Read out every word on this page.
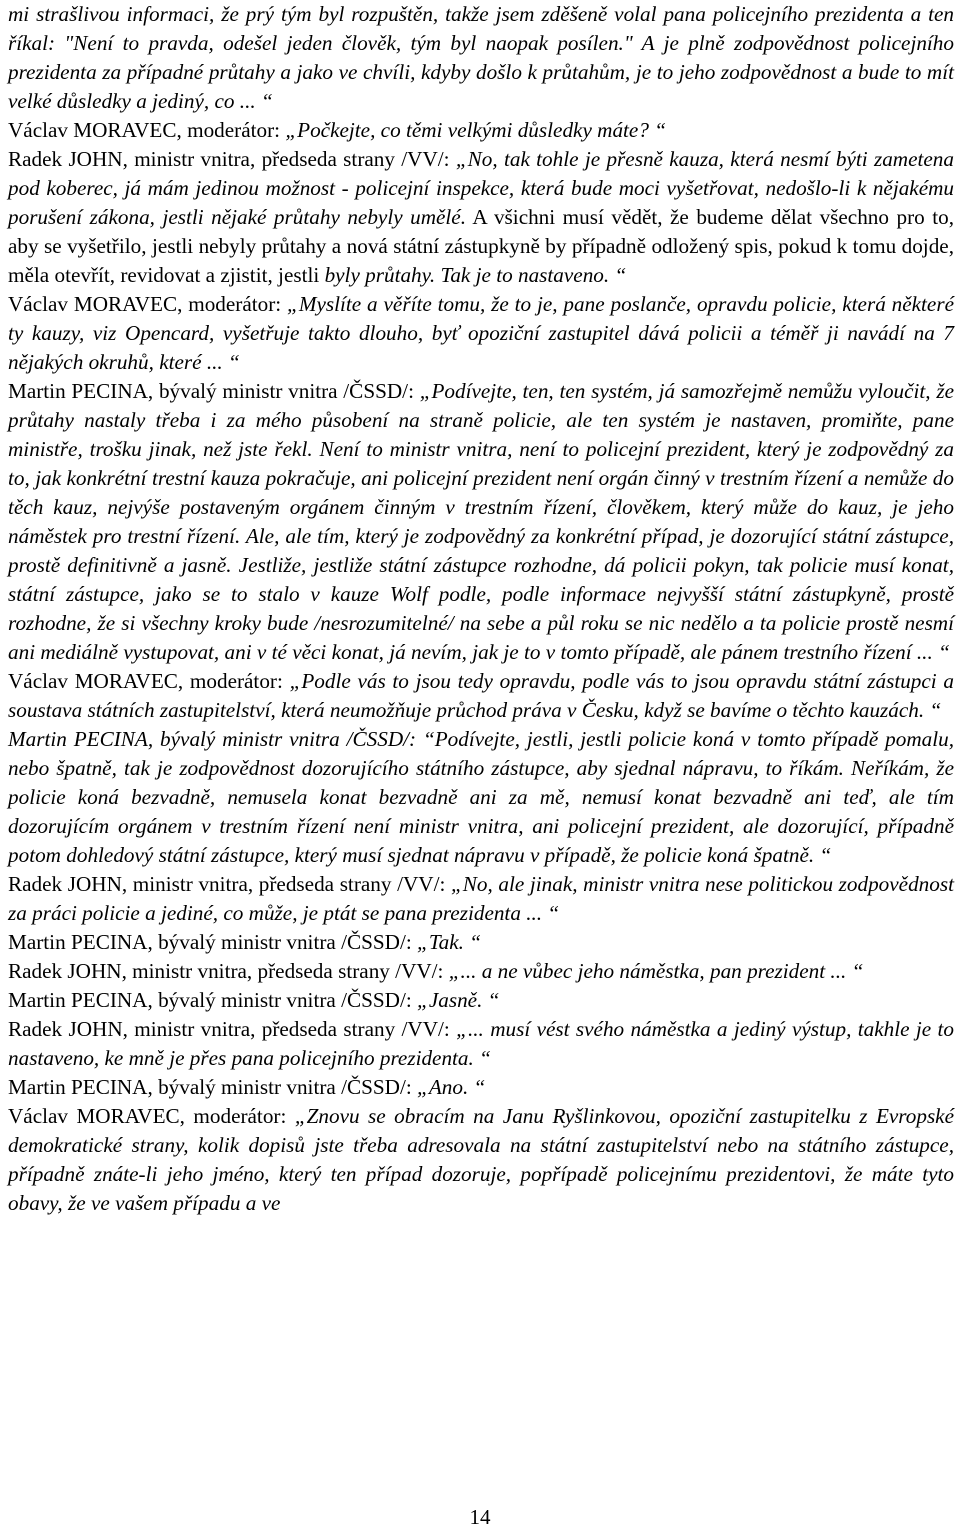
mi strašlivou informaci, že prý tým byl rozpuštěn, takže jsem zděšeně volal pana policejního prezidenta a ten říkal: "Není to pravda, odešel jeden člověk, tým byl naopak posílen." A je plně zodpovědnost policejního prezidenta za případné průtahy a jako ve chvíli, kdyby došlo k průtahům, je to jeho zodpovědnost a bude to mít velké důsledky a jediný, co ... “

Václav MORAVEC, moderátor: „Počkejte, co těmi velkými důsledky máte? “

Radek JOHN, ministr vnitra, předseda strany /VV/: „No, tak tohle je přesně kauza, která nesmí býti zametena pod koberec, já mám jedinou možnost - policejní inspekce, která bude moci vyšetřovat, nedošlo-li k nějakému porušení zákona, jestli nějaké průtahy nebyly umělé. A všichni musí vědět, že budeme dělat všechno pro to, aby se vyšetřilo, jestli nebyly průtahy a nová státní zástupkyně by případně odložený spis, pokud k tomu dojde, měla otevřít, revidovat a zjistit, jestli byly průtahy. Tak je to nastaveno. “

Václav MORAVEC, moderátor: „Myslíte a věříte tomu, že to je, pane poslanče, opravdu policie, která některé ty kauzy, viz Opencard, vyšetřuje takto dlouho, byť opoziční zastupitel dává policii a téměř ji navádí na 7 nějakých okruhů, které ... “

Martin PECINA, bývalý ministr vnitra /ČSSD/: „Podívejte, ten, ten systém, já samozřejmě nemůžu vyloučit, že průtahy nastaly třeba i za mého působení na straně policie, ale ten systém je nastaven, promiňte, pane ministře, trošku jinak, než jste řekl. Není to ministr vnitra, není to policejní prezident, který je zodpovědný za to, jak konkrétní trestní kauza pokračuje, ani policejní prezident není orgán činný v trestním řízení a nemůže do těch kauz, nejvýše postaveným orgánem činným v trestním řízení, člověkem, který může do kauz, je jeho náměstek pro trestní řízení. Ale, ale tím, který je zodpovědný za konkrétní případ, je dozorující státní zástupce, prostě definitivně a jasně. Jestliže, jestliže státní zástupce rozhodne, dá policii pokyn, tak policie musí konat, státní zástupce, jako se to stalo v kauze Wolf podle, podle informace nejvyšší státní zástupkyně, prostě rozhodne, že si všechny kroky bude /nesrozumitelné/ na sebe a půl roku se nic nedělo a ta policie prostě nesmí ani mediálně vystupovat, ani v té věci konat, já nevím, jak je to v tomto případě, ale pánem trestního řízení ... “

Václav MORAVEC, moderátor: „Podle vás to jsou tedy opravdu, podle vás to jsou opravdu státní zástupci a soustava státních zastupitelství, která neumožňuje průchod práva v Česku, když se bavíme o těchto kauzách. “

Martin PECINA, bývalý ministr vnitra /ČSSD/: “Podívejte, jestli, jestli policie koná v tomto případě pomalu, nebo špatně, tak je zodpovědnost dozorujícího státního zástupce, aby sjednal nápravu, to říkám. Neříkám, že policie koná bezvadně, nemusela konat bezvadně ani za mě, nemusí konat bezvadně ani teď, ale tím dozorujícím orgánem v trestním řízení není ministr vnitra, ani policejní prezident, ale dozorující, případně potom dohledový státní zástupce, který musí sjednat nápravu v případě, že policie koná špatně. “

Radek JOHN, ministr vnitra, předseda strany /VV/: „No, ale jinak, ministr vnitra nese politickou zodpovědnost za práci policie a jediné, co může, je ptát se pana prezidenta ... “

Martin PECINA, bývalý ministr vnitra /ČSSD/: „Tak. “

Radek JOHN, ministr vnitra, předseda strany /VV/: „... a ne vůbec jeho náměstka, pan prezident ... “

Martin PECINA, bývalý ministr vnitra /ČSSD/: „Jasně. “

Radek JOHN, ministr vnitra, předseda strany /VV/: „... musí vést svého náměstka a jediný výstup, takhle je to nastaveno, ke mně je přes pana policejního prezidenta. “

Martin PECINA, bývalý ministr vnitra /ČSSD/: „Ano. “

Václav MORAVEC, moderátor: „Znovu se obracím na Janu Ryšlinkovou, opoziční zastupitelku z Evropské demokratické strany, kolik dopisů jste třeba adresovala na státní zastupitelství nebo na státního zástupce, případně znáte-li jeho jméno, který ten případ dozoruje, popřípadě policejnímu prezidentovi, že máte tyto obavy, že ve vašem případu a ve

14
